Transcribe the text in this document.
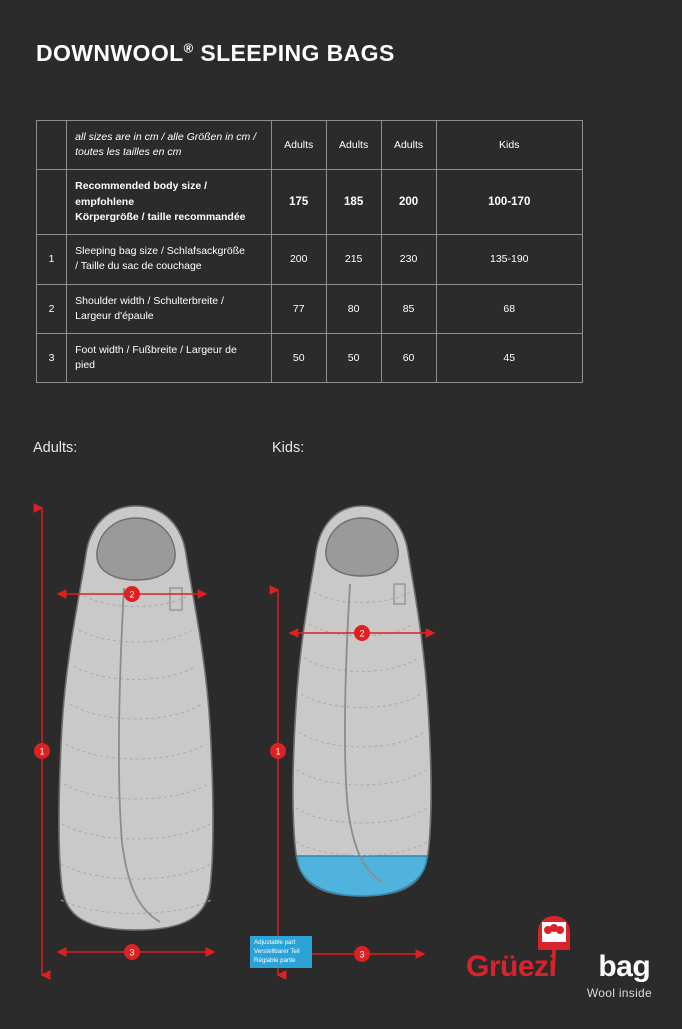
DOWNWOOL® SLEEPING BAGS

	all sizes are in cm / alle Größen in cm /
toutes les tailles en cm	Adults	Adults	Adults	Kids

	Recommended body size / empfohlene
Körpergröße / taille recommandée	175	185	200	100-170
1	Sleeping bag size / Schlafsackgröße
/ Taille du sac de couchage	200	215	230	135-190
2	Shoulder width / Schulterbreite /
Largeur d'épaule	77	80	85	68
3	Foot width / Fußbreite / Largeur de
pied	50	50	60	45
Adults:	Kids:
1
2
3
1
2
3
Adjustable part
Verstellbarer Teil
Réglable partie	Grüezi bag
Wool inside
